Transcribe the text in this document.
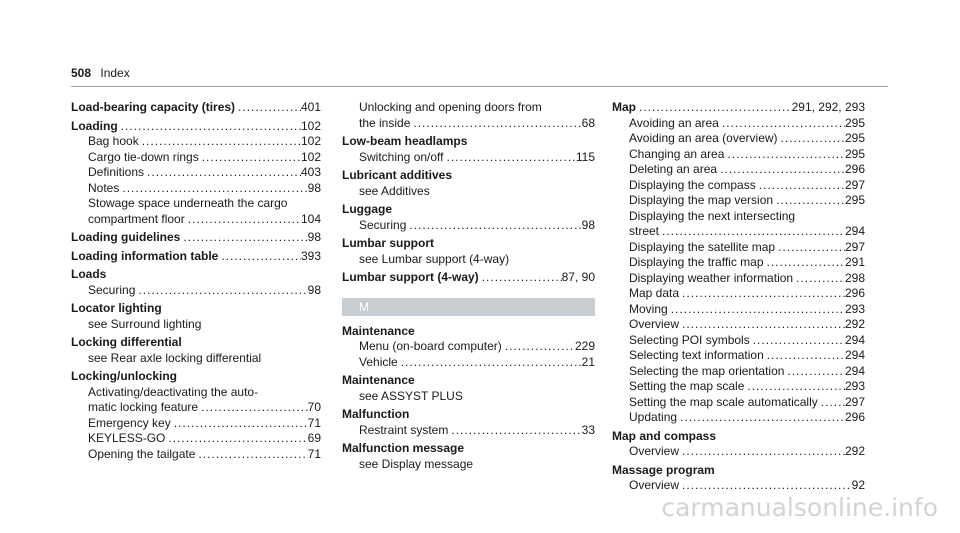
508 Index
Load-bearing capacity (tires) .....	401
Loading .....	102
Bag hook .....	102
Cargo tie-down rings .....	102
Definitions .....	403
Notes .....	98
Stowage space underneath the cargo
compartment floor .....	104
Loading guidelines .....	98
Loading information table .....	393
Loads
Securing .....	98
Locator lighting
see Surround lighting
Locking differential
see Rear axle locking differential
Locking/unlocking
Activating/deactivating the auto-
matic locking feature .....	70
Emergency key .....	71
KEYLESS-GO .....	69
Opening the tailgate .....	71
Unlocking and opening doors from
the inside .....	68
Low-beam headlamps
Switching on/off .....	115
Lubricant additives
see Additives
Luggage
Securing .....	98
Lumbar support
see Lumbar support (4-way)
Lumbar support (4-way) .....	87, 90
M
Maintenance
Menu (on-board computer) .....	229
Vehicle .....	21
Maintenance
see ASSYST PLUS
Malfunction
Restraint system .....	33
Malfunction message
see Display message
Map .....	291, 292, 293
Avoiding an area .....	295
Avoiding an area (overview) .....	295
Changing an area .....	295
Deleting an area .....	296
Displaying the compass .....	297
Displaying the map version .....	295
Displaying the next intersecting
street .....	294
Displaying the satellite map .....	297
Displaying the traffic map .....	291
Displaying weather information .....	298
Map data .....	296
Moving .....	293
Overview .....	292
Selecting POI symbols .....	294
Selecting text information .....	294
Selecting the map orientation .....	294
Setting the map scale .....	293
Setting the map scale automatically ..... 297
Updating .....	296
Map and compass
Overview .....	292
Massage program
Overview .....	92
carmanualsonline.info
